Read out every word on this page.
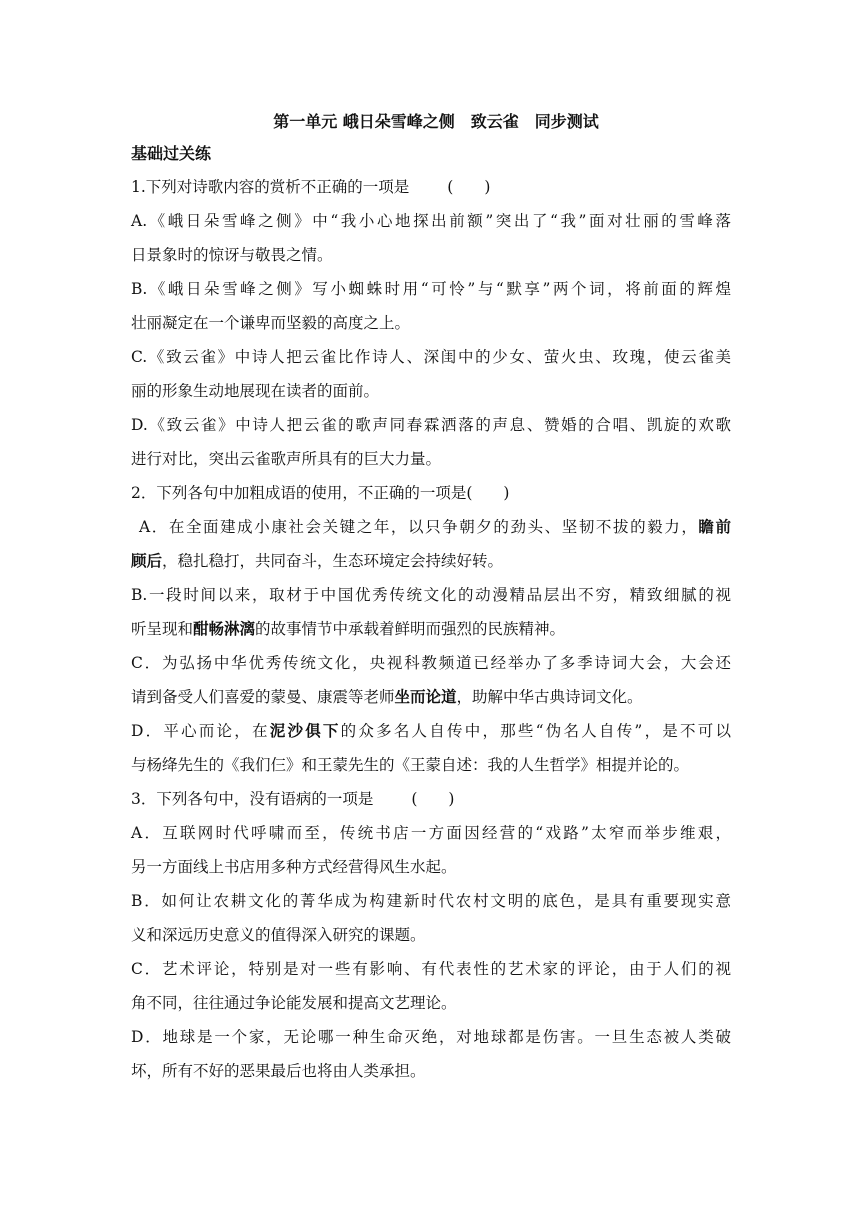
第一单元 峨日朵雪峰之侧　致云雀　同步测试
基础过关练
1.下列对诗歌内容的赏析不正确的一项是 (　　)
A.《峨日朵雪峰之侧》中“我小心地探出前额”突出了“我”面对壮丽的雪峰落
日景象时的惊讶与敬畏之情。
B.《峨日朵雪峰之侧》写小蜘蛛时用“可怜”与“默享”两个词，将前面的辉煌
壮丽凝定在一个谦卑而坚毅的高度之上。
C.《致云雀》中诗人把云雀比作诗人、深闺中的少女、萤火虫、玫瑰，使云雀美
丽的形象生动地展现在读者的面前。
D.《致云雀》中诗人把云雀的歌声同春霖洒落的声息、赞婚的合唱、凯旋的欢歌
进行对比，突出云雀歌声所具有的巨大力量。
2．下列各句中加粗成语的使用，不正确的一项是(　　)
A．在全面建成小康社会关键之年，以只争朝夕的劲头、坚韧不拔的毅力，瞻前
顾后，稳扎稳打，共同奋斗，生态环境定会持续好转。
B.一段时间以来，取材于中国优秀传统文化的动漫精品层出不穷，精致细腻的视
听呈现和酣畅淋漓的故事情节中承载着鲜明而强烈的民族精神。
C．为弘扬中华优秀传统文化，央视科教频道已经举办了多季诗词大会，大会还
请到备受人们喜爱的蒙曼、康震等老师坐而论道，助解中华古典诗词文化。
D．平心而论，在泥沙俱下的众多名人自传中，那些“伪名人自传”，是不可以
与杨绛先生的《我们仨》和王蒙先生的《王蒙自述：我的人生哲学》相提并论的。
3．下列各句中，没有语病的一项是 (　　)
A．互联网时代呼啸而至，传统书店一方面因经营的“戏路”太窄而举步维艰，
另一方面线上书店用多种方式经营得风生水起。
B．如何让农耕文化的菁华成为构建新时代农村文明的底色，是具有重要现实意
义和深远历史意义的值得深入研究的课题。
C．艺术评论，特别是对一些有影响、有代表性的艺术家的评论，由于人们的视
角不同，往往通过争论能发展和提高文艺理论。
D．地球是一个家，无论哪一种生命灭绝，对地球都是伤害。一旦生态被人类破
坏，所有不好的恶果最后也将由人类承担。
